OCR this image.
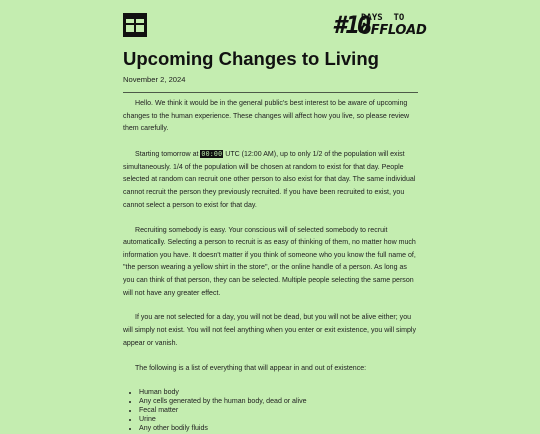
#10
DAYS  TO
OFFLOAD
Upcoming Changes to Living
November 2, 2024

Hello. We think it would be in the general public's best interest to be aware of upcoming changes to the human experience. These changes will affect how you live, so please review them carefully.

Starting tomorrow at 00:00 UTC (12:00 AM), up to only 1/2 of the population will exist simultaneously. 1/4 of the population will be chosen at random to exist for that day. People selected at random can recruit one other person to also exist for that day. The same individual cannot recruit the person they previously recruited. If you have been recruited to exist, you cannot select a person to exist for that day.

Recruiting somebody is easy. Your conscious will of selected somebody to recruit automatically. Selecting a person to recruit is as easy of thinking of them, no matter how much information you have. It doesn't matter if you think of someone who you know the full name of, "the person wearing a yellow shirt in the store", or the online handle of a person. As long as you can think of that person, they can be selected. Multiple people selecting the same person will not have any greater effect.

If you are not selected for a day, you will not be dead, but you will not be alive either; you will simply not exist. You will not feel anything when you enter or exit existence, you will simply appear or vanish.

The following is a list of everything that will appear in and out of existence:

• Human body
• Any cells generated by the human body, dead or alive
• Fecal matter
• Urine
• Any other bodily fluids
